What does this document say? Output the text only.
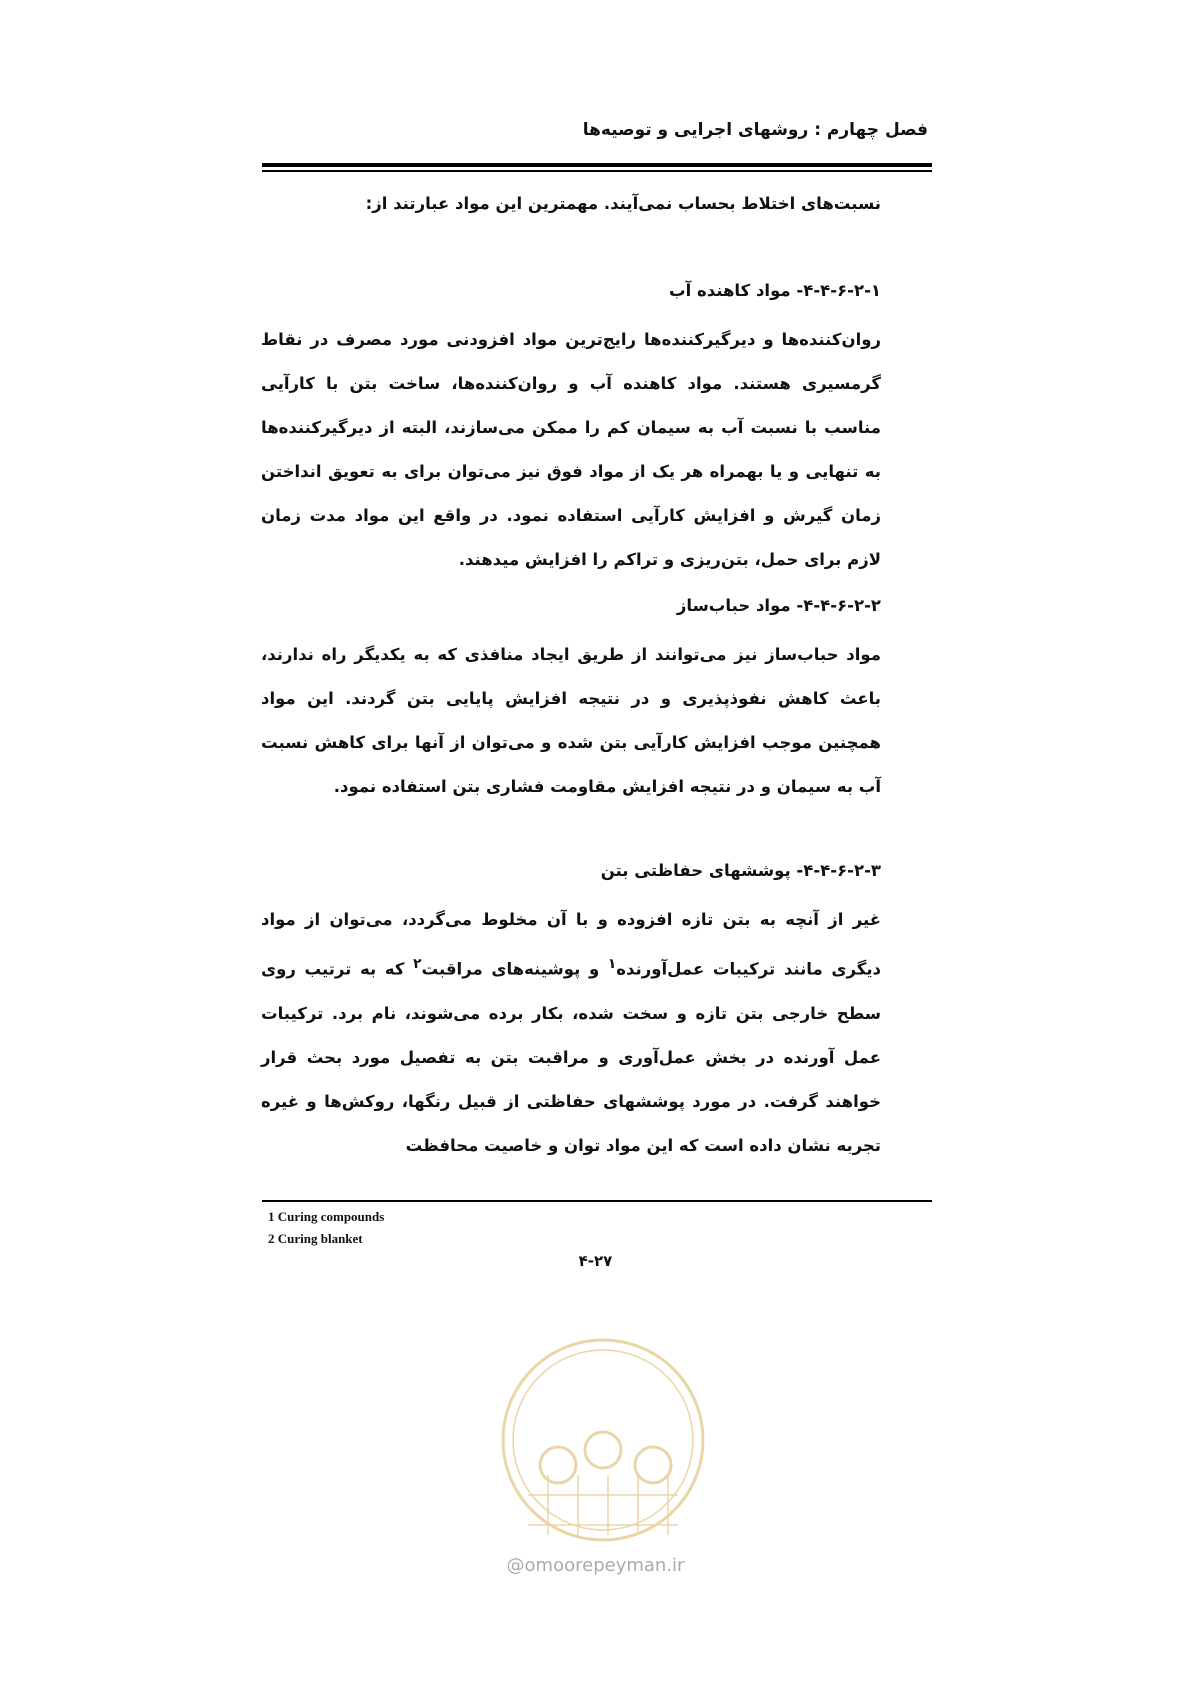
فصل چهارم : روشهای اجرایی و توصیه‌ها
نسبت‌های اختلاط بحساب نمی‌آیند. مهمترین این مواد عبارتند از:
۴-۴-۶-۲-۱- مواد کاهنده آب

روان‌کننده‌ها و دیرگیرکننده‌ها رایج‌ترین مواد افزودنی مورد مصرف در نقاط گرمسیری هستند. مواد کاهنده آب و روان‌کننده‌ها، ساخت بتن با کارآیی مناسب با نسبت آب به سیمان کم را ممکن می‌سازند، البته از دیرگیرکننده‌ها به تنهایی و یا بهمراه هر یک از مواد فوق نیز می‌توان برای به تعویق انداختن زمان گیرش و افزایش کارآیی استفاده نمود. در واقع این مواد مدت زمان لازم برای حمل، بتن‌ریزی و تراکم را افزایش میدهند.

۴-۴-۶-۲-۲- مواد حباب‌ساز

مواد حباب‌ساز نیز می‌توانند از طریق ایجاد منافذی که به یکدیگر راه ندارند، باعث کاهش نفوذپذیری و در نتیجه افزایش پایایی بتن گردند. این مواد همچنین موجب افزایش کارآیی بتن شده و می‌توان از آنها برای کاهش نسبت آب به سیمان و در نتیجه افزایش مقاومت فشاری بتن استفاده نمود.

۴-۴-۶-۲-۳- پوششهای حفاظتی بتن

غیر از آنچه به بتن تازه افزوده و با آن مخلوط می‌گردد، می‌توان از مواد دیگری مانند ترکیبات عمل‌آورنده$^۱$ و پوشینه‌های مراقبت$^۲$ که به ترتیب روی سطح خارجی بتن تازه و سخت شده، بکار برده می‌شوند، نام برد. ترکیبات عمل آورنده در بخش عمل‌آوری و مراقبت بتن به تفصیل مورد بحث قرار خواهند گرفت. در مورد پوششهای حفاظتی از قبیل رنگها، روکش‌ها و غیره تجربه نشان داده است که این مواد توان و خاصیت محافظت

1 Curing compounds
2 Curing blanket
۴-۲۷
@omoorepeyman.ir
